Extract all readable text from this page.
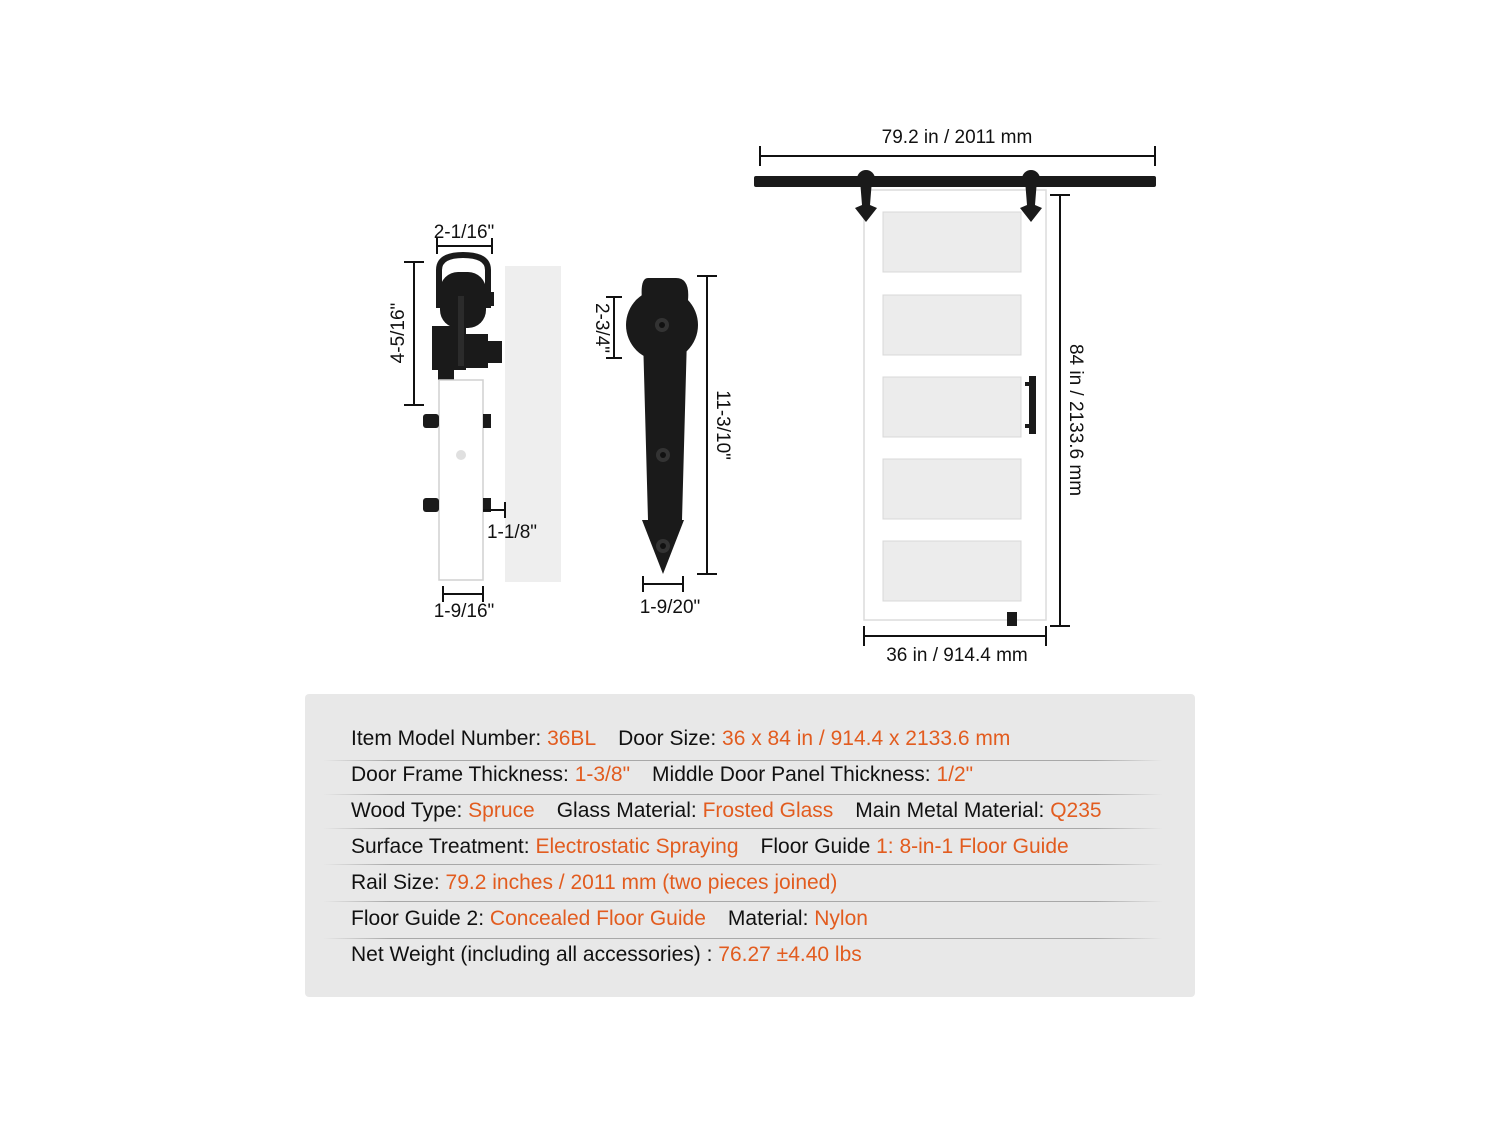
79.2 in / 2011 mm
84 in / 2133.6 mm
36 in / 914.4 mm
2-1/16"
4-5/16"
1-1/8"
1-9/16"
2-3/4"
11-3/10"
1-9/20"
Item Model Number: 36BL Door Size: 36 x 84 in / 914.4 x 2133.6 mm
Door Frame Thickness: 1-3/8" Middle Door Panel Thickness: 1/2"
Wood Type: Spruce Glass Material: Frosted Glass Main Metal Material: Q235
Surface Treatment: Electrostatic Spraying Floor Guide 1: 8-in-1 Floor Guide
Rail Size: 79.2 inches / 2011 mm (two pieces joined)
Floor Guide 2: Concealed Floor Guide Material: Nylon
Net Weight (including all accessories) : 76.27 ±4.40 lbs
